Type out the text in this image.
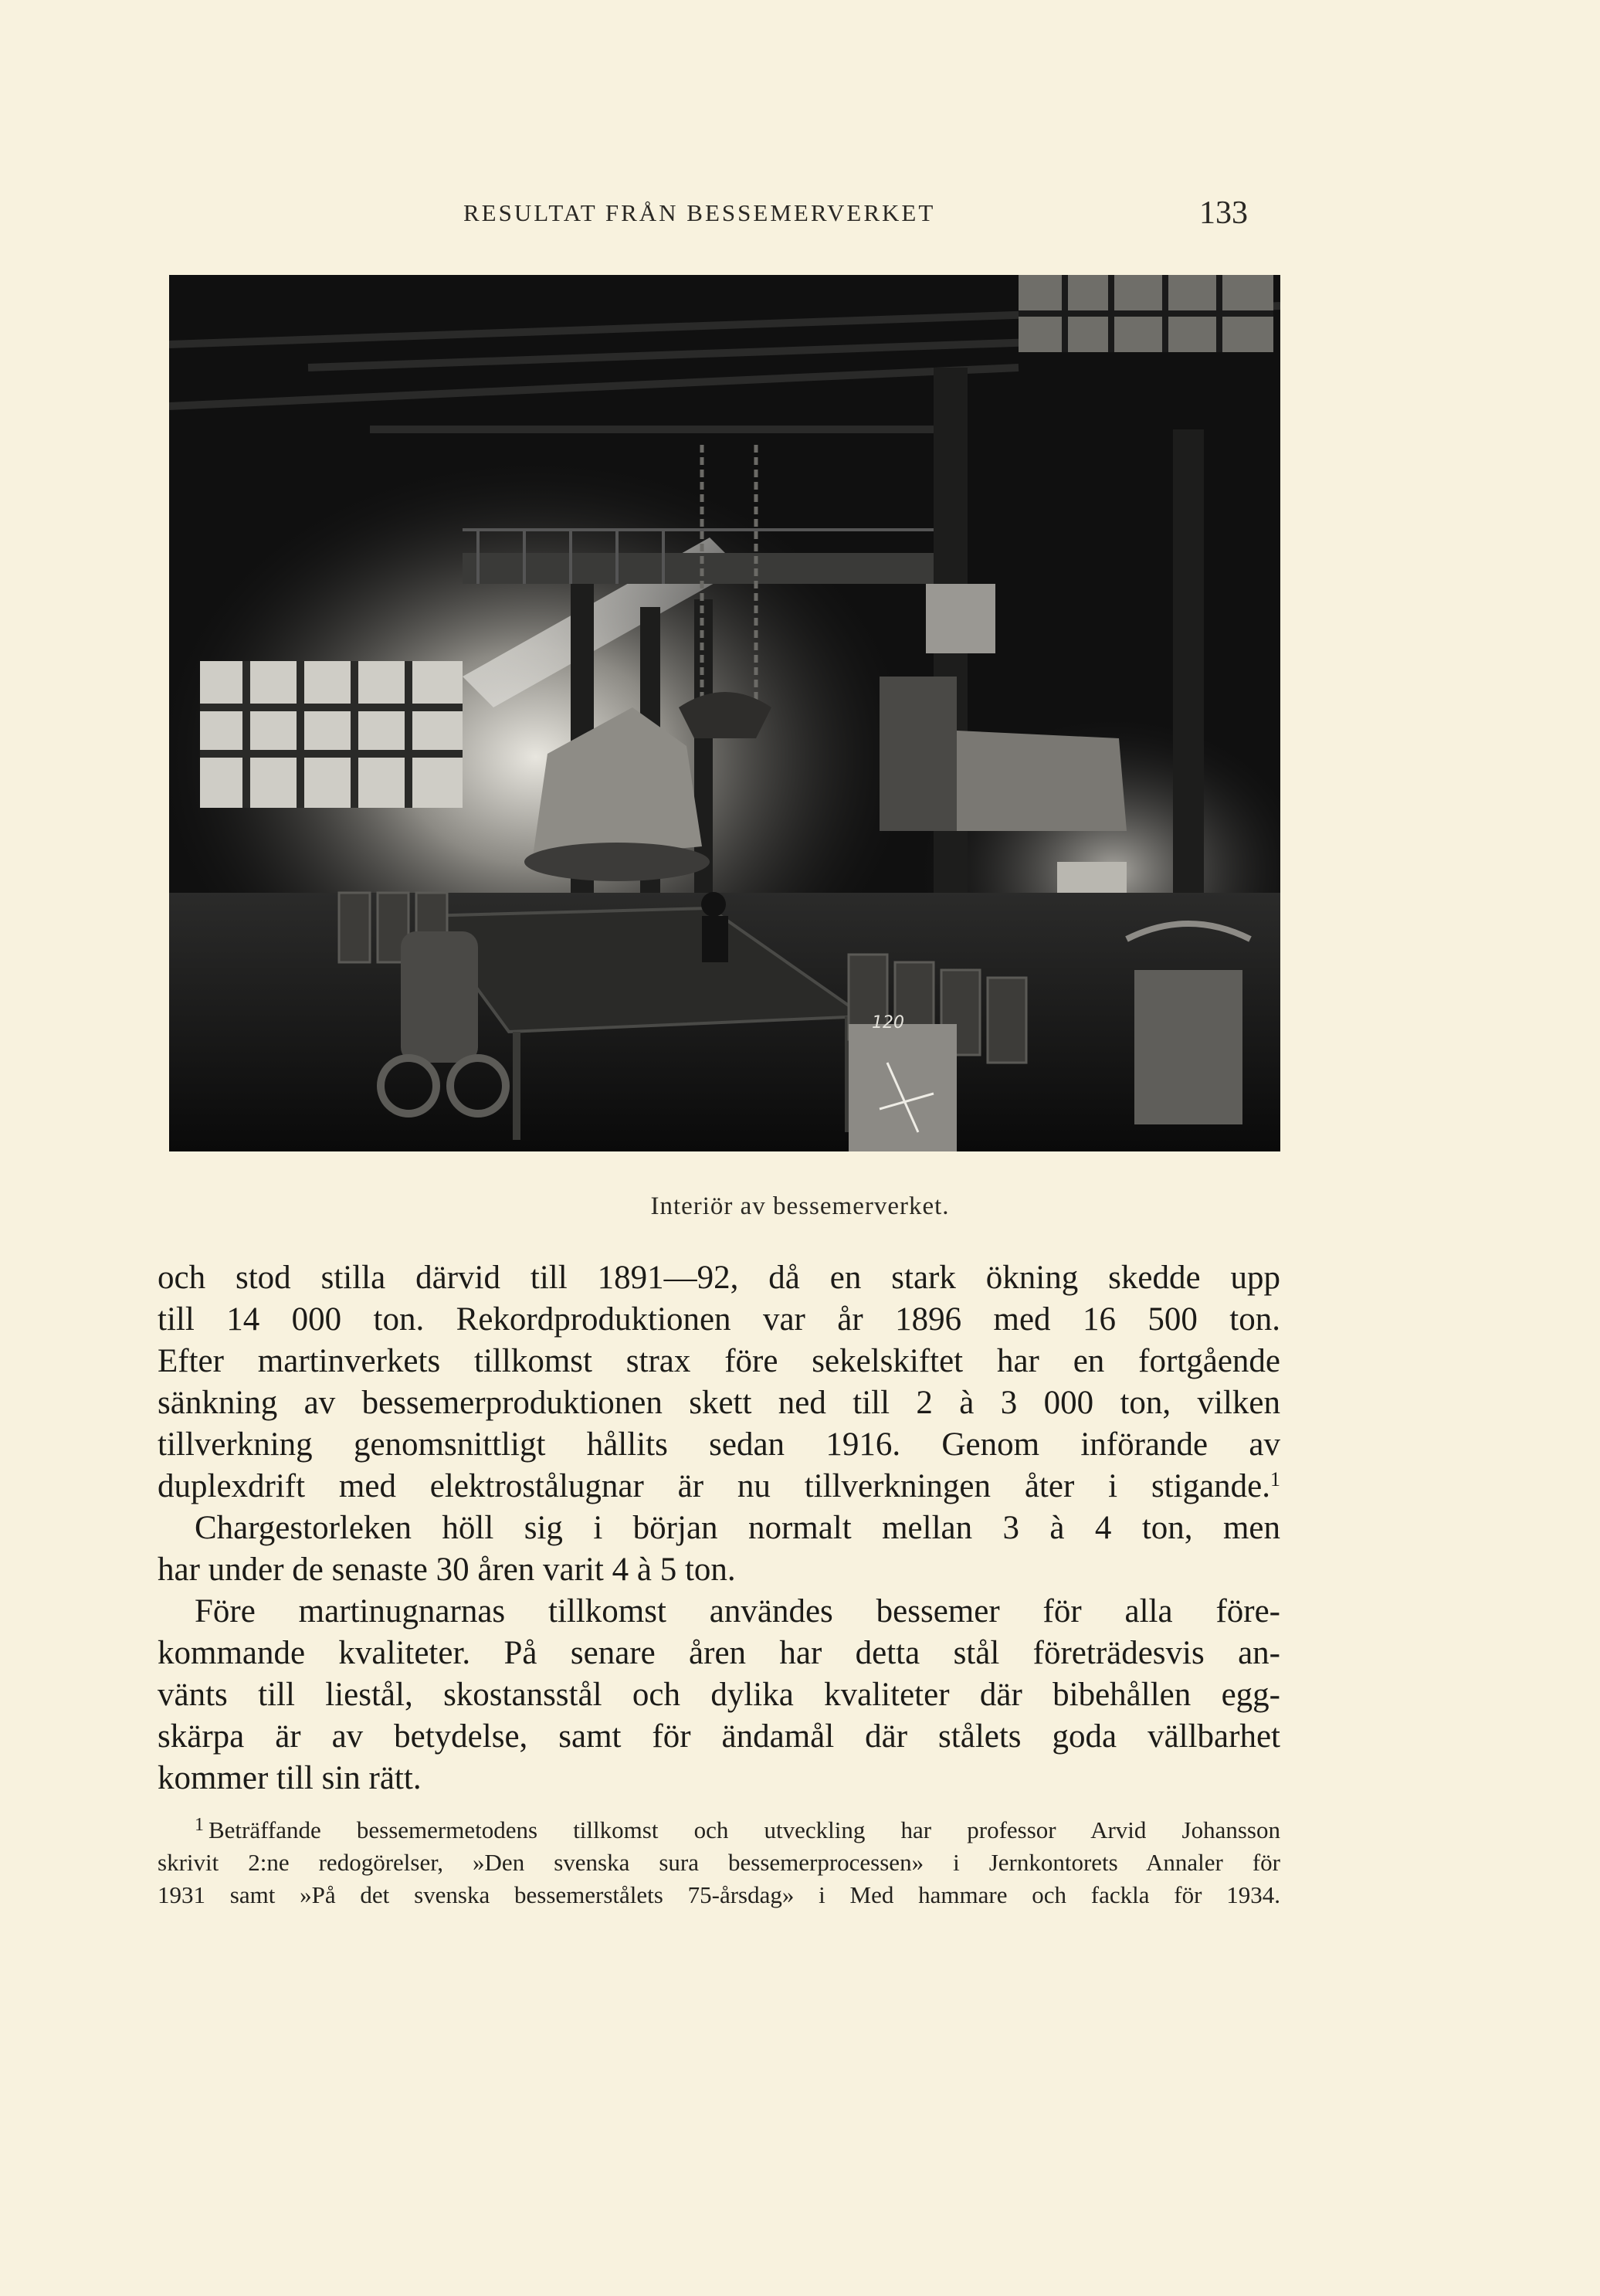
RESULTAT FRÅN BESSEMERVERKET	133
120
Interiör av bessemerverket.
och stod stilla därvid till 1891—92, då en stark ökning skedde upp
till 14 000 ton. Rekordproduktionen var år 1896 med 16 500 ton.
Efter martinverkets tillkomst strax före sekelskiftet har en fortgående
sänkning av bessemerproduktionen skett ned till 2 à 3 000 ton, vilken
tillverkning genomsnittligt hållits sedan 1916. Genom införande av
duplexdrift med elektrostålugnar är nu tillverkningen åter i stigande.$^1$
Chargestorleken höll sig i början normalt mellan 3 à 4 ton, men
har under de senaste 30 åren varit 4 à 5 ton.
Före martinugnarnas tillkomst användes bessemer för alla före-
kommande kvaliteter. På senare åren har detta stål företrädesvis an-
vänts till liestål, skostansstål och dylika kvaliteter där bibehållen egg-
skärpa är av betydelse, samt för ändamål där stålets goda vällbarhet
kommer till sin rätt.
$^1$ Beträffande bessemermetodens tillkomst och utveckling har professor Arvid Johansson
skrivit 2:ne redogörelser, »Den svenska sura bessemerprocessen» i Jernkontorets Annaler för
1931 samt »På det svenska bessemerstålets 75-årsdag» i Med hammare och fackla för 1934.
